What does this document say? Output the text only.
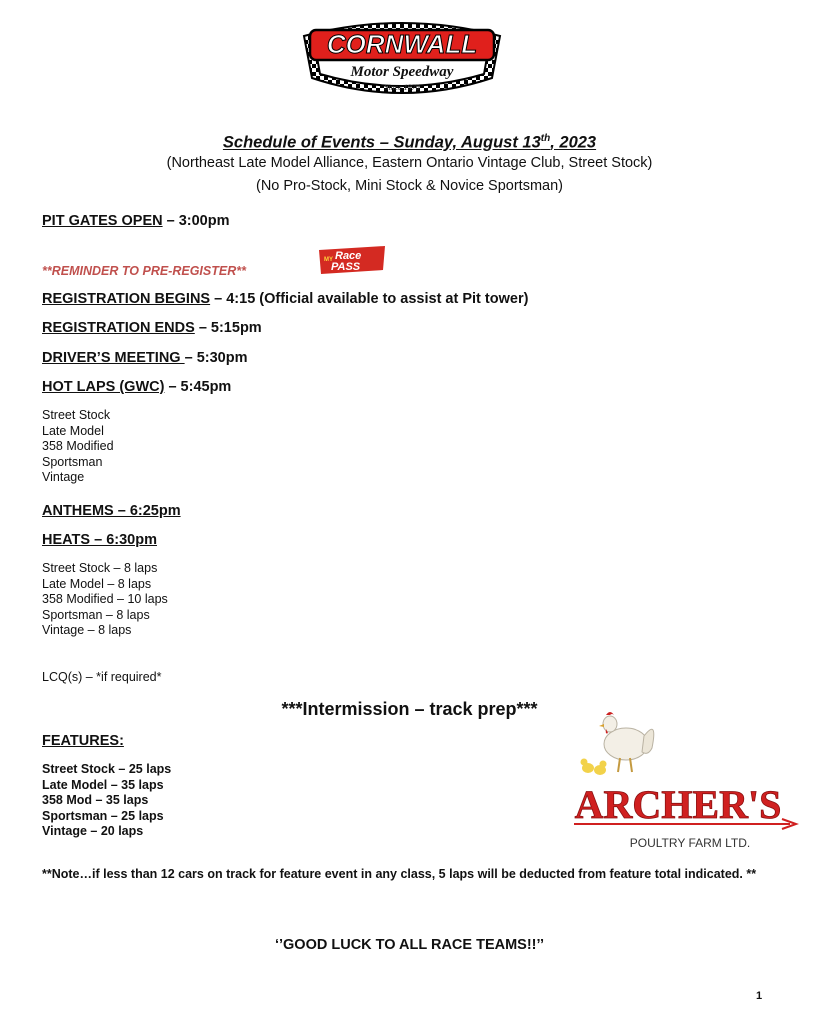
CORNWALL
Motor Speedway
Since 1970
Schedule of Events – Sunday, August 13th, 2023
(Northeast Late Model Alliance, Eastern Ontario Vintage Club, Street Stock)
(No Pro-Stock, Mini Stock & Novice Sportsman)
PIT GATES OPEN – 3:00pm
**REMINDER TO PRE-REGISTER**
MY Race
PASS
REGISTRATION BEGINS – 4:15 (Official available to assist at Pit tower)
REGISTRATION ENDS – 5:15pm
DRIVER’S MEETING – 5:30pm
HOT LAPS (GWC) – 5:45pm
Street Stock
Late Model
358 Modified
Sportsman
Vintage
ANTHEMS – 6:25pm
HEATS – 6:30pm
Street Stock – 8 laps
Late Model – 8 laps
358 Modified – 10 laps
Sportsman – 8 laps
Vintage – 8 laps
LCQ(s) – *if required*
***Intermission – track prep***
FEATURES:
Street Stock – 25 laps
Late Model – 35 laps
358 Mod – 35 laps
Sportsman – 25 laps
Vintage – 20 laps
ARCHER'S
POULTRY FARM LTD.
**Note…if less than 12 cars on track for feature event in any class, 5 laps will be deducted from feature total indicated. **
‘’GOOD LUCK TO ALL RACE TEAMS!!’’
1
